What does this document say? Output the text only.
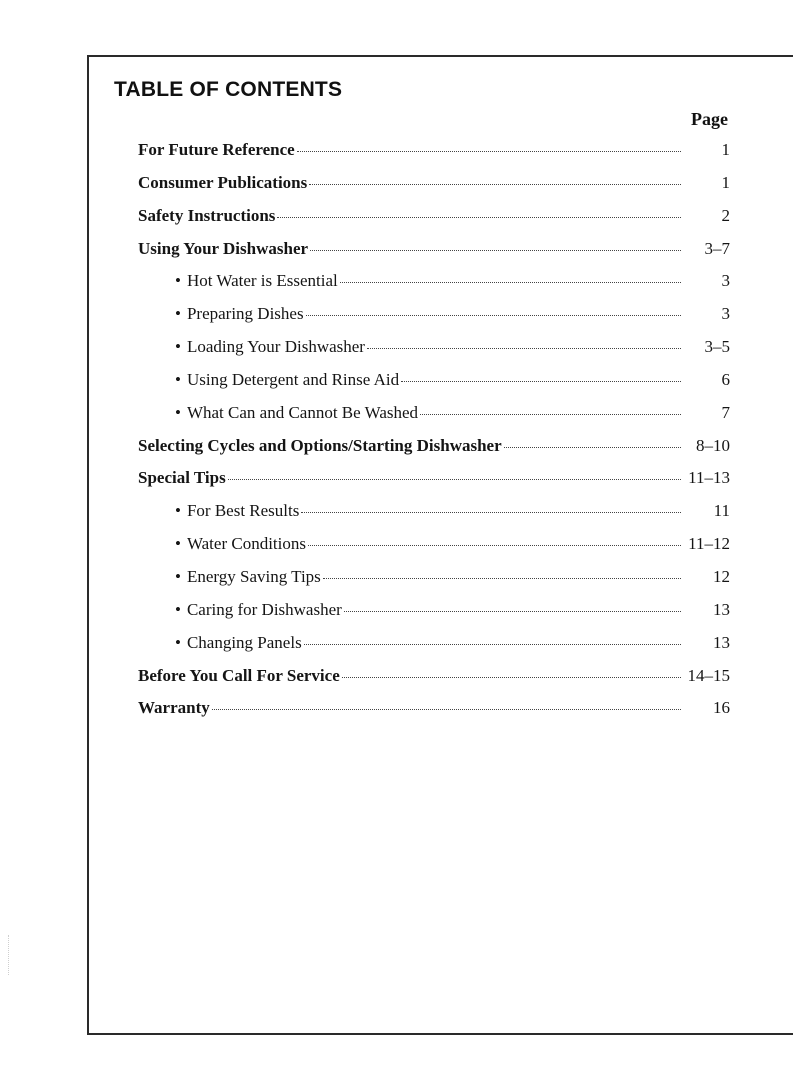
TABLE OF CONTENTS
Page
For Future Reference	1
Consumer Publications	1
Safety Instructions	2
Using Your Dishwasher	3–7
• Hot Water is Essential	3
• Preparing Dishes	3
• Loading Your Dishwasher	3–5
• Using Detergent and Rinse Aid	6
• What Can and Cannot Be Washed	7
Selecting Cycles and Options/Starting Dishwasher	8–10
Special Tips	11–13
• For Best Results	11
• Water Conditions	11–12
• Energy Saving Tips	12
• Caring for Dishwasher	13
• Changing Panels	13
Before You Call For Service	14–15
Warranty	16
